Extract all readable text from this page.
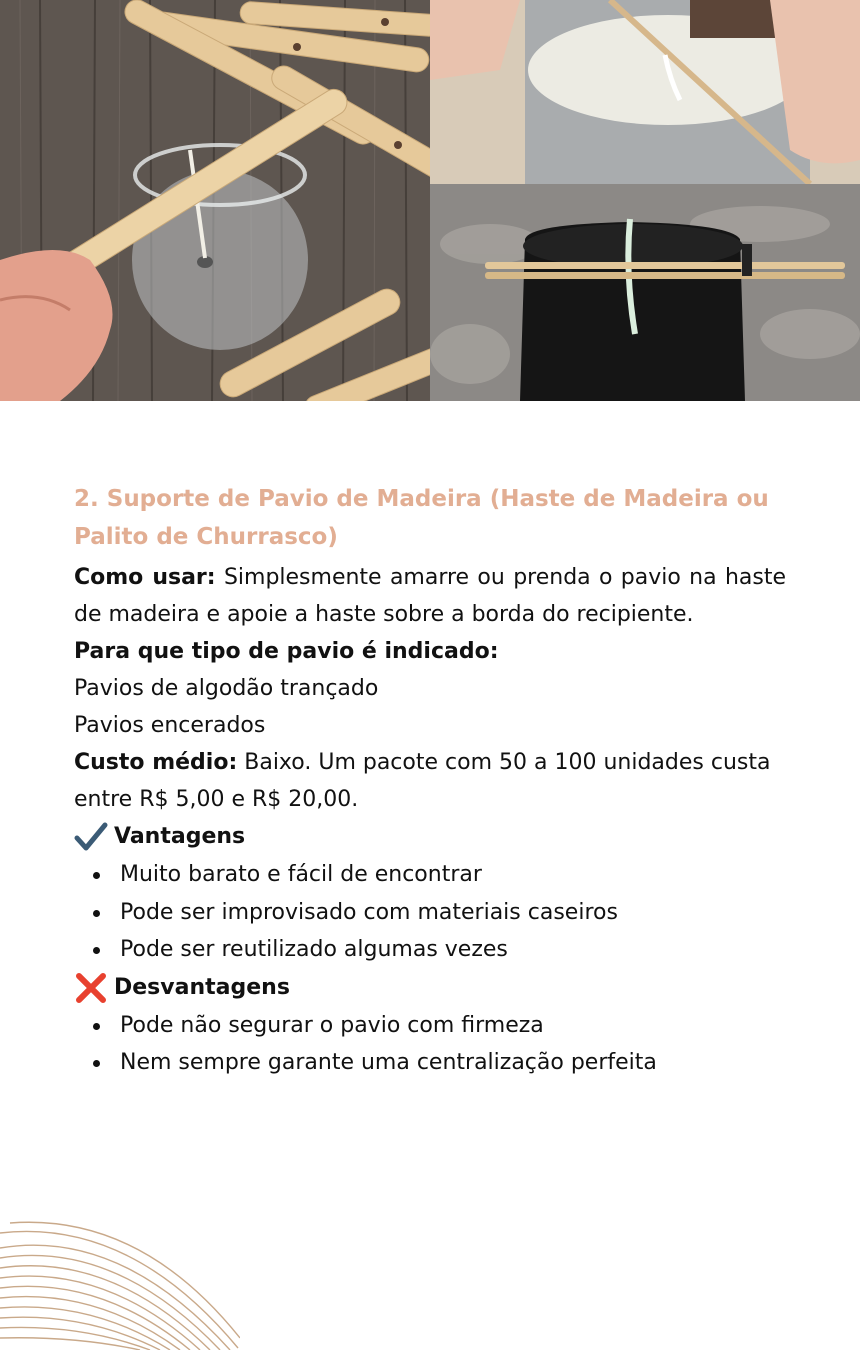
2. Suporte de Pavio de Madeira (Haste de Madeira ou Palito de Churrasco)

Como usar: Simplesmente amarre ou prenda o pavio na haste de madeira e apoie a haste sobre a borda do recipiente.

Para que tipo de pavio é indicado:

Pavios de algodão trançado

Pavios encerados

Custo médio: Baixo. Um pacote com 50 a 100 unidades custa entre R$ 5,00 e R$ 20,00.

Vantagens
Muito barato e fácil de encontrar
Pode ser improvisado com materiais caseiros
Pode ser reutilizado algumas vezes
Desvantagens
Pode não segurar o pavio com firmeza
Nem sempre garante uma centralização perfeita
